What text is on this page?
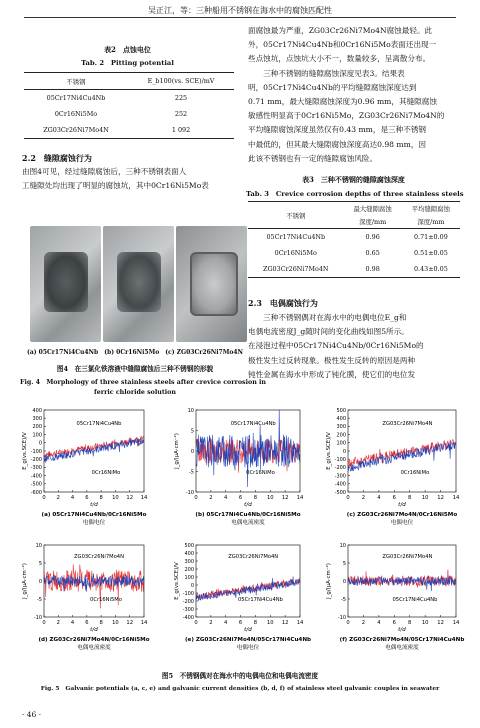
吴正江，等：三种船用不锈钢在海水中的腐蚀匹配性
表2　点蚀电位
Tab. 2　Pitting potential
不锈钢	E_b100(vs. SCE)/mV
05Cr17Ni4Cu4Nb	225
0Cr16Ni5Mo	252
ZG03Cr26Ni7Mo4N	1 092
2.2　缝隙腐蚀行为
由图4可见，经过缝隙腐蚀后，三种不锈钢表面人
工缝隙处均出现了明显的腐蚀坑，其中0Cr16Ni5Mo表
面腐蚀最为严重，ZG03Cr26Ni7Mo4N腐蚀最轻。此
外，05Cr17Ni4Cu4Nb和0Cr16Ni5Mo表面还出现一
些点蚀坑，点蚀坑大小不一，数量较多，呈离散分布。
　　三种不锈钢的缝隙腐蚀深度见表3。结果表
明，05Cr17Ni4Cu4Nb的平均缝隙腐蚀深度达到
0.71 mm，最大缝隙腐蚀深度为0.96 mm，其缝隙腐蚀
敏感性明显高于0Cr16Ni5Mo，ZG03Cr26Ni7Mo4N的
平均缝隙腐蚀深度虽然仅有0.43 mm，是三种不锈钢
中最低的，但其最大缝隙腐蚀深度高达0.98 mm，因
此该不锈钢也有一定的缝隙腐蚀风险。
表3　三种不锈钢的缝隙腐蚀深度
Tab. 3　Crevice corrosion depths of three stainless steels
不锈钢	最大缝隙腐蚀	平均缝隙腐蚀
	深度/mm	深度/mm
05Cr17Ni4Cu4Nb	0.96	0.71±0.09
0Cr16Ni5Mo	0.65	0.51±0.05
ZG03Cr26Ni7Mo4N	0.98	0.43±0.05
2.3　电偶腐蚀行为
　　三种不锈钢偶对在海水中的电偶电位E_g和
电偶电流密度J_g随时间的变化曲线如图5所示。
在浸泡过程中05Cr17Ni4Cu4Nb/0Cr16Ni5Mo的
极性发生过反转现象。极性发生反转的原因是两种
钝性金属在海水中形成了钝化膜，使它们的电位发
(a) 05Cr17Ni4Cu4Nb　(b) 0Cr16Ni5Mo　(c) ZG03Cr26Ni7Mo4N
图4　在三氯化铁溶液中缝隙腐蚀后三种不锈钢的形貌
Fig. 4　Morphology of three stainless steels after crevice corrosion in
ferric chloride solution
400
300
200
100
0
-100
-200
-300
-400
-500
-600
0 2 4 6 8 10 12 14
t/d
E_g(vs.SCE)/V
05Cr17Ni4Cu4Nb
0Cr16NiMo
(a) 05Cr17Ni4Cu4Nb/0Cr16Ni5Mo
电偶电位
10
5
0
-5
-10
0 2 4 6 8 10 12 14
t/d
J_g/(μA·cm⁻²)
05Cr17Ni4Cu4Nb
0Cr16NiMo
(b) 05Cr17Ni4Cu4Nb/0Cr16Ni5Mo
电偶电流密度
500
400
300
200
100
0
-100
-200
-300
-400
-500
0 2 4 6 8 10 12 14
t/d
E_g(vs.SCE)/V
ZG03Cr26Ni7Mo4N
0Cr16NiMo
(c) ZG03Cr26Ni7Mo4N/0Cr16Ni5Mo
电偶电位
10
5
0
-5
-10
0 2 4 6 8 10 12 14
t/d
J_g/(μA·cm⁻²)
ZG03Cr26Ni7Mo4N
0Cr16Ni5Mo
(d) ZG03Cr26Ni7Mo4N/0Cr16Ni5Mo
电偶电流密度
500
400
300
200
100
0
-100
-200
-300
-400
0 2 4 6 8 10 12 14
t/d
E_g(vs.SCE)/V
ZG03Cr26Ni7Mo4N
05Cr17Ni4Cu4Nb
(e) ZG03Cr26Ni7Mo4N/05Cr17Ni4Cu4Nb
电偶电位
10
5
0
-5
-10
0 2 4 6 8 10 12 14
t/d
J_g/(μA·cm⁻²)
ZG03Cr26Ni7Mo4N
05Cr17Ni4Cu4Nb
(f) ZG03Cr26Ni7Mo4N/05Cr17Ni4Cu4Nb
电偶电流密度
图5　不锈钢偶对在海水中的电偶电位和电偶电流密度
Fig. 5　Galvanic potentials (a, c, e) and galvanic current densities (b, d, f) of stainless steel galvanic couples in seawater
· 46 ·
